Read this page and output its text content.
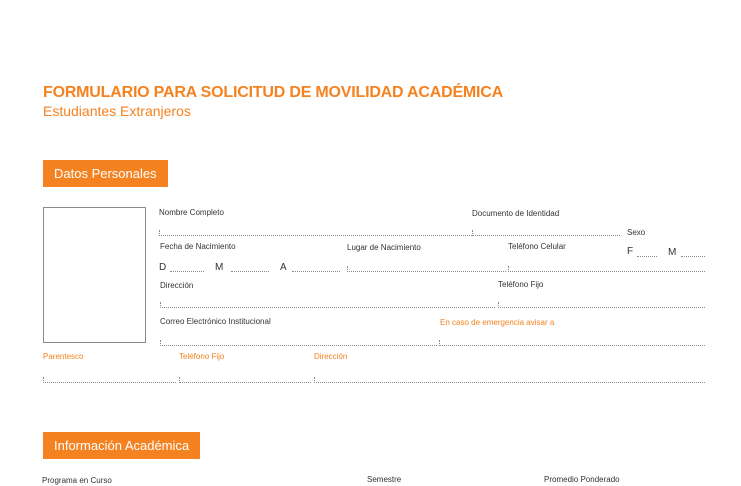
FORMULARIO PARA SOLICITUD DE MOVILIDAD ACADÉMICA
Estudiantes Extranjeros
Datos Personales
Nombre Completo	Documento de Identidad
Sexo
F	M
Fecha de Nacimiento
D	M	A
Lugar de Nacimiento	Teléfono Celular
Dirección	Teléfono Fijo
Correo Electrónico Institucional	En caso de emergencia avisar a
Parentesco	Teléfono Fijo	Dirección
Información Académica
Programa en Curso	Semestre	Promedio Ponderado
